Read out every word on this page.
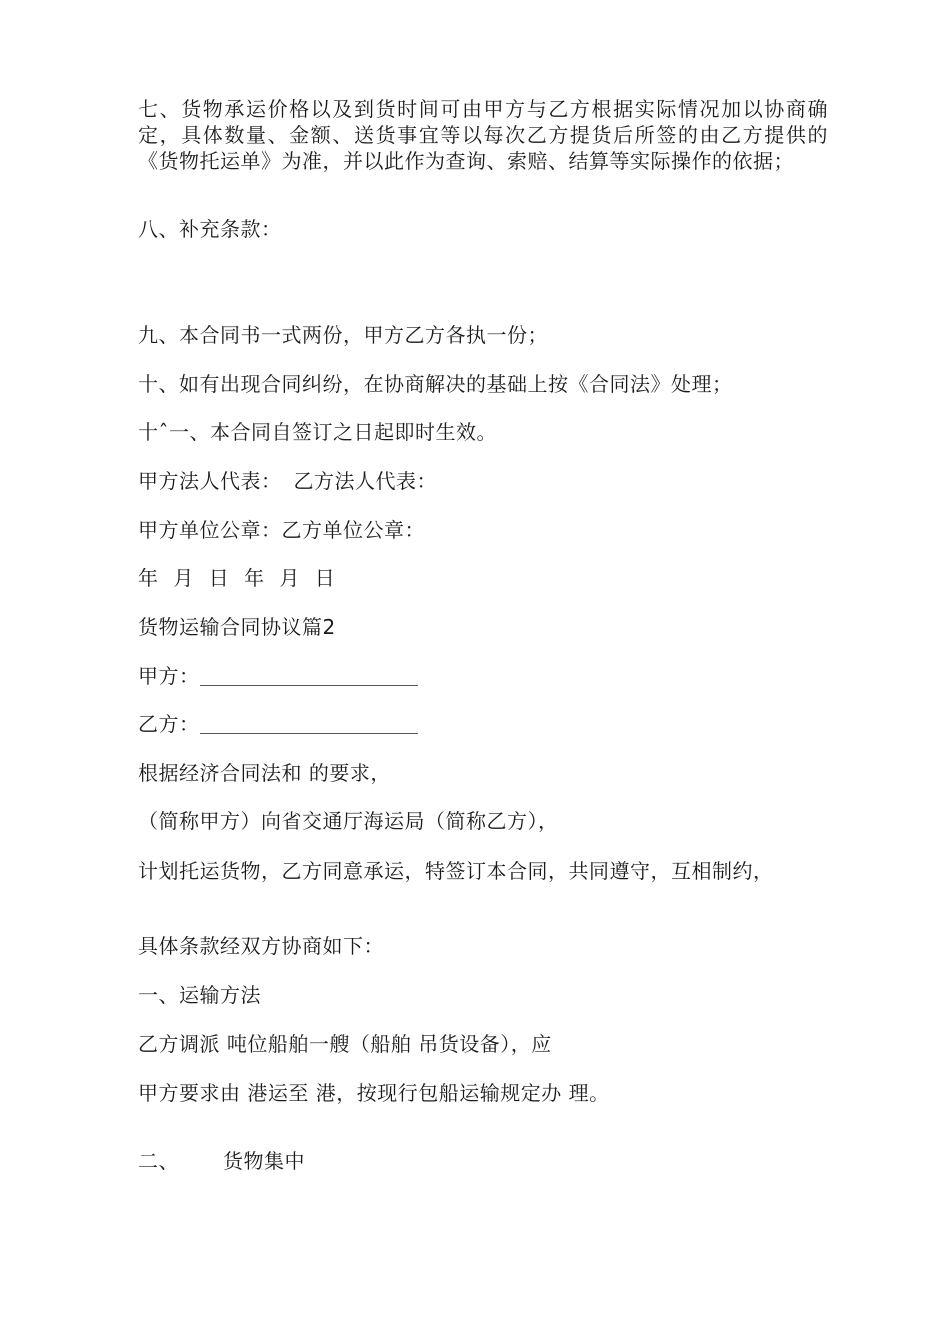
七、货物承运价格以及到货时间可由甲方与乙方根据实际情况加以协商确定，具体数量、金额、送货事宜等以每次乙方提货后所签的由乙方提供的《货物托运单》为准，并以此作为查询、索赔、结算等实际操作的依据；
八、补充条款：
九、本合同书一式两份，甲方乙方各执一份；
十、如有出现合同纠纷，在协商解决的基础上按《合同法》处理；
十ˆ一、本合同自签订之日起即时生效。
甲方法人代表： 乙方法人代表：
甲方单位公章：乙方单位公章：
年 月 日 年 月 日
货物运输合同协议篇2
甲方：
乙方：
根据经济合同法和 的要求，
（简称甲方）向省交通厅海运局（简称乙方），
计划托运货物，乙方同意承运，特签订本合同，共同遵守，互相制约，
具体条款经双方协商如下：
一、运输方法
乙方调派 吨位船舶一艘（船舶 吊货设备），应
甲方要求由 港运至 港，按现行包船运输规定办 理。
二、 货物集中
